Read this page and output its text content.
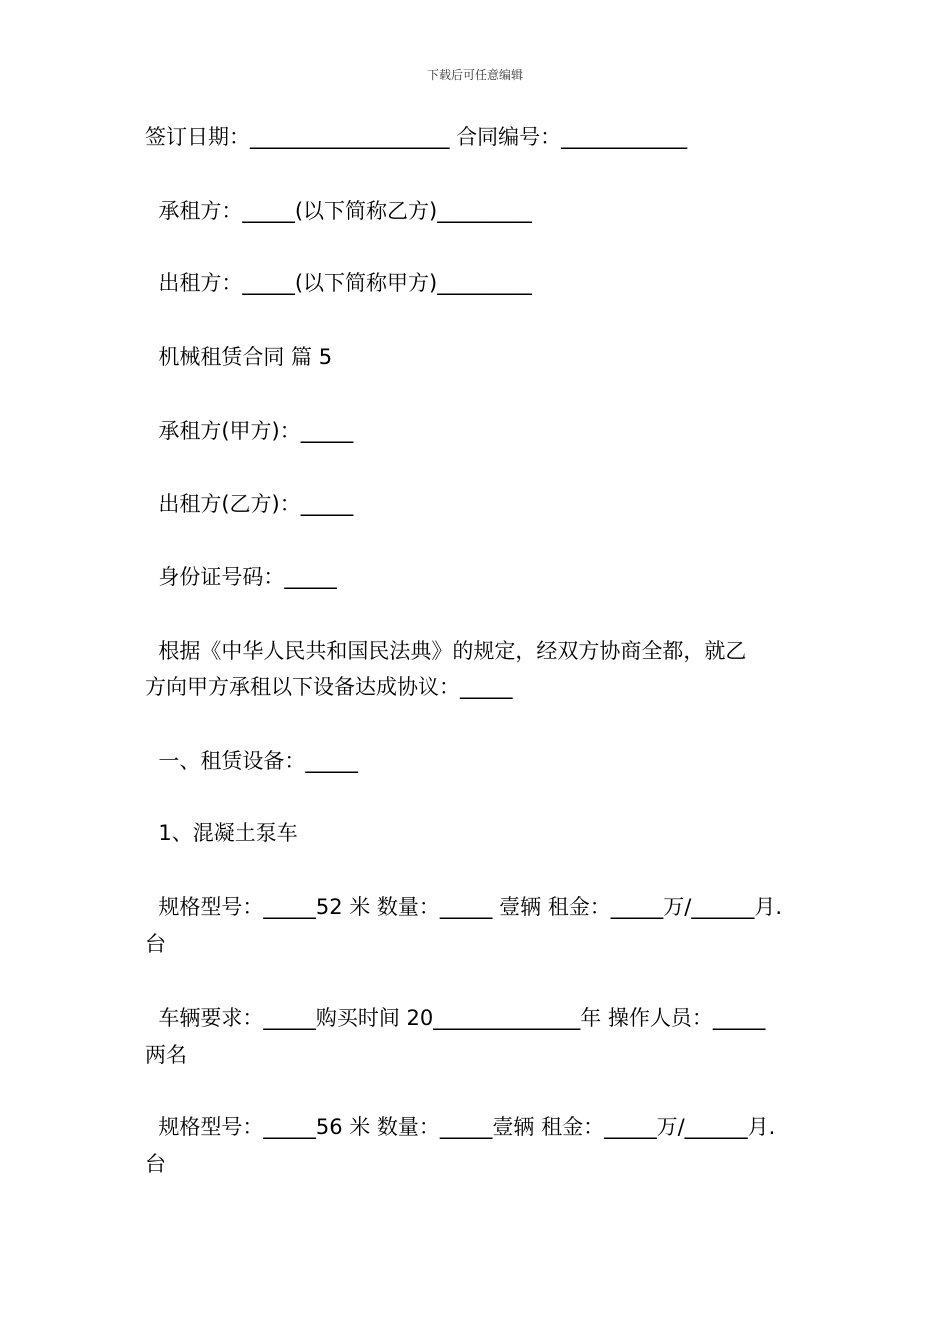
下载后可任意编辑
签订日期：___________________ 合同编号：____________
承租方：_____(以下简称乙方)_________
出租方：_____(以下简称甲方)_________
机械租赁合同 篇 5
承租方(甲方)：_____
出租方(乙方)：_____
身份证号码：_____
根据《中华人民共和国民法典》的规定，经双方协商全都，就乙
方向甲方承租以下设备达成协议：_____
一、租赁设备：_____
1、混凝土泵车
规格型号：_____52 米 数量：_____ 壹辆 租金：_____万/______月.
台
车辆要求：_____购买时间 20______________年 操作人员：_____
两名
规格型号：_____56 米 数量：_____壹辆 租金：_____万/______月.
台
